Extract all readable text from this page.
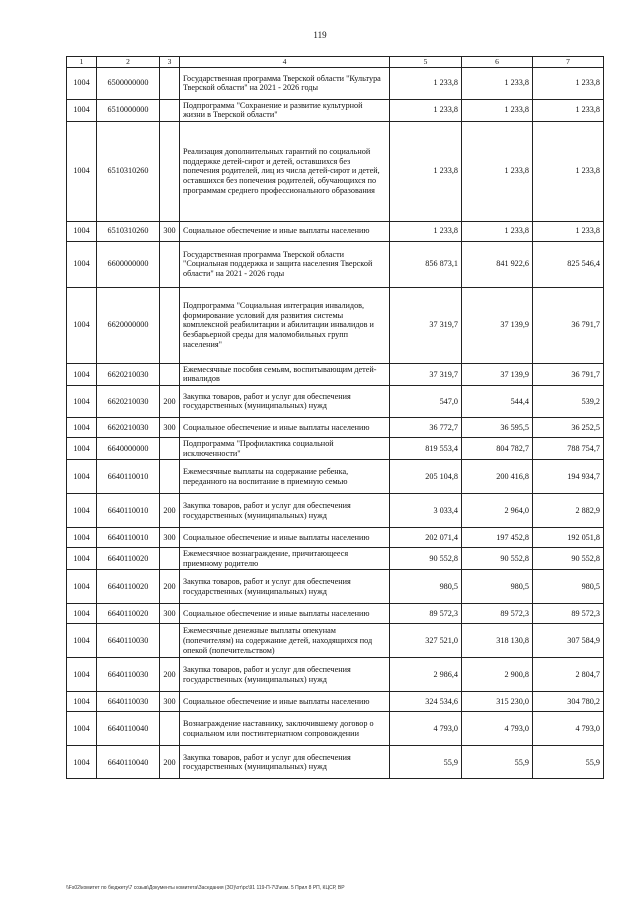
119
1	2	3	4	5	6	7
1004	6500000000		Государственная программа Тверской области "Культура Тверской области" на 2021 - 2026 годы	1 233,8	1 233,8	1 233,8
1004	6510000000		Подпрограмма "Сохранение и развитие культурной жизни в Тверской области"	1 233,8	1 233,8	1 233,8
1004	6510310260		Реализация дополнительных гарантий по социальной поддержке детей-сирот и детей, оставшихся без попечения родителей, лиц из числа детей-сирот и детей, оставшихся без попечения родителей, обучающихся по программам среднего профессионального образования	1 233,8	1 233,8	1 233,8
1004	6510310260	300	Социальное обеспечение и иные выплаты населению	1 233,8	1 233,8	1 233,8
1004	6600000000		Государственная программа Тверской области "Социальная поддержка и защита населения Тверской области" на 2021 - 2026 годы	856 873,1	841 922,6	825 546,4
1004	6620000000		Подпрограмма "Социальная интеграция инвалидов, формирование условий для развития системы комплексной реабилитации и абилитации инвалидов и безбарьерной среды для маломобильных групп населения"	37 319,7	37 139,9	36 791,7
1004	6620210030		Ежемесячные пособия семьям, воспитывающим детей-инвалидов	37 319,7	37 139,9	36 791,7
1004	6620210030	200	Закупка товаров, работ и услуг для обеспечения государственных (муниципальных) нужд	547,0	544,4	539,2
1004	6620210030	300	Социальное обеспечение и иные выплаты населению	36 772,7	36 595,5	36 252,5
1004	6640000000		Подпрограмма "Профилактика социальной исключенности"	819 553,4	804 782,7	788 754,7
1004	6640110010		Ежемесячные выплаты на содержание ребенка, переданного на воспитание в приемную семью	205 104,8	200 416,8	194 934,7
1004	6640110010	200	Закупка товаров, работ и услуг для обеспечения государственных (муниципальных) нужд	3 033,4	2 964,0	2 882,9
1004	6640110010	300	Социальное обеспечение и иные выплаты населению	202 071,4	197 452,8	192 051,8
1004	6640110020		Ежемесячное вознаграждение, причитающееся приемному родителю	90 552,8	90 552,8	90 552,8
1004	6640110020	200	Закупка товаров, работ и услуг для обеспечения государственных (муниципальных) нужд	980,5	980,5	980,5
1004	6640110020	300	Социальное обеспечение и иные выплаты населению	89 572,3	89 572,3	89 572,3
1004	6640110030		Ежемесячные денежные выплаты опекунам (попечителям) на содержание детей, находящихся под опекой (попечительством)	327 521,0	318 130,8	307 584,9
1004	6640110030	200	Закупка товаров, работ и услуг для обеспечения государственных (муниципальных) нужд	2 986,4	2 900,8	2 804,7
1004	6640110030	300	Социальное обеспечение и иные выплаты населению	324 534,6	315 230,0	304 780,2
1004	6640110040		Вознаграждение наставнику, заключившему договор о социальном или постинтернатном сопровождении	4 793,0	4 793,0	4 793,0
1004	6640110040	200	Закупка товаров, работ и услуг для обеспечения государственных (муниципальных) нужд	55,9	55,9	55,9
\\Fs02\комитет по бюджету\7 созыв\Документы комитета\Заседания (ЗО)\от\рс\91 119-П-7\3\изм. 5 Прил 8 РП, КЦСР, ВР
